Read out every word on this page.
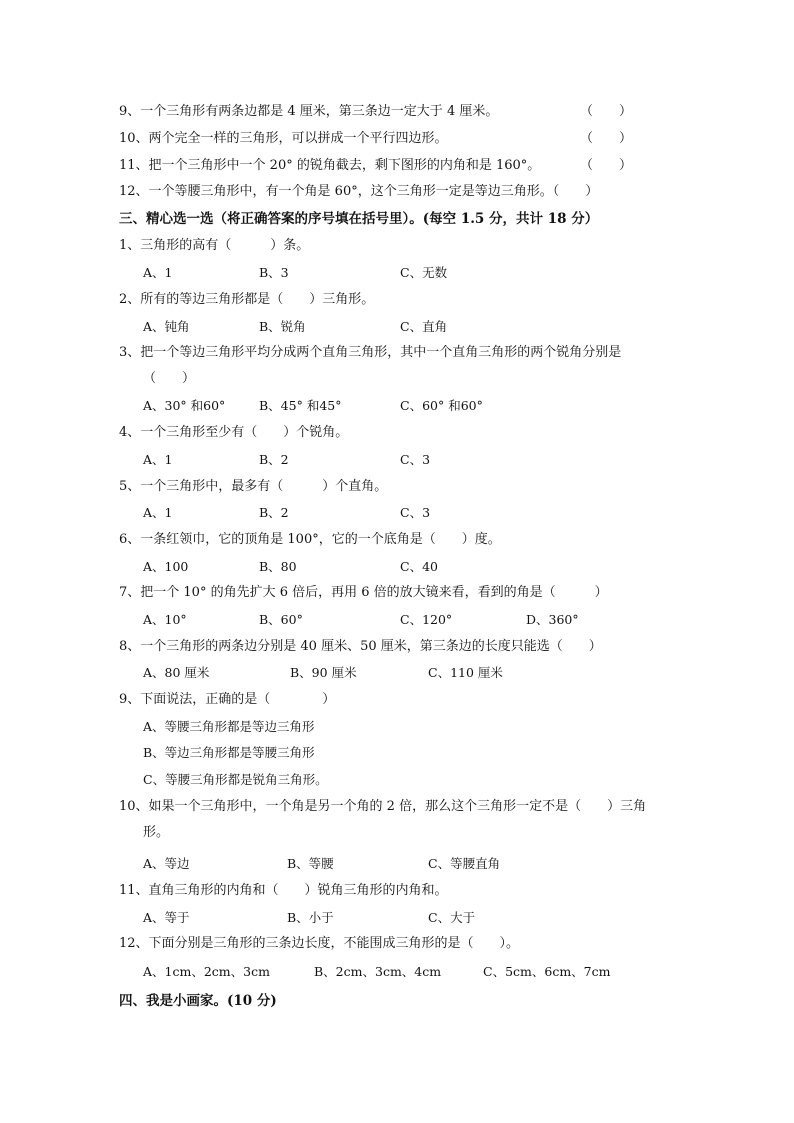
9、一个三角形有两条边都是 4 厘米，第三条边一定大于 4 厘米。	（　　）
10、两个完全一样的三角形，可以拼成一个平行四边形。	（　　）
11、把一个三角形中一个 20° 的锐角截去，剩下图形的内角和是 160°。	（　　）
12、一个等腰三角形中，有一个角是 60°，这个三角形一定是等边三角形。（　　）
三、精心选一选（将正确答案的序号填在括号里）。(每空 1.5 分，共计 18 分）
1、三角形的高有（　　　）条。
A、1	B、3	C、无数
2、所有的等边三角形都是（　　）三角形。
A、钝角	B、锐角	C、直角
3、把一个等边三角形平均分成两个直角三角形，其中一个直角三角形的两个锐角分别是
（　　）
A、30° 和60°	B、45° 和45°	C、60° 和60°
4、一个三角形至少有（　　）个锐角。
A、1	B、2	C、3
5、一个三角形中，最多有（　　　）个直角。
A、1	B、2	C、3
6、一条红领巾，它的顶角是 100°，它的一个底角是（　　）度。
A、100	B、80	C、40
7、把一个 10° 的角先扩大 6 倍后，再用 6 倍的放大镜来看，看到的角是（　　　）
A、10°	B、60°	C、120°	D、360°
8、一个三角形的两条边分别是 40 厘米、50 厘米，第三条边的长度只能选（　　）
A、80 厘米	B、90 厘米	C、110 厘米
9、下面说法，正确的是（　　　　）
A、等腰三角形都是等边三角形
B、等边三角形都是等腰三角形
C、等腰三角形都是锐角三角形。
10、如果一个三角形中，一个角是另一个角的 2 倍，那么这个三角形一定不是（　　）三角
形。
A、等边	B、等腰	C、等腰直角
11、直角三角形的内角和（　　）锐角三角形的内角和。
A、等于	B、小于	C、大于
12、下面分别是三角形的三条边长度，不能围成三角形的是（　　）。
A、1cm、2cm、3cm	B、2cm、3cm、4cm	C、5cm、6cm、7cm
四、我是小画家。(10 分)
